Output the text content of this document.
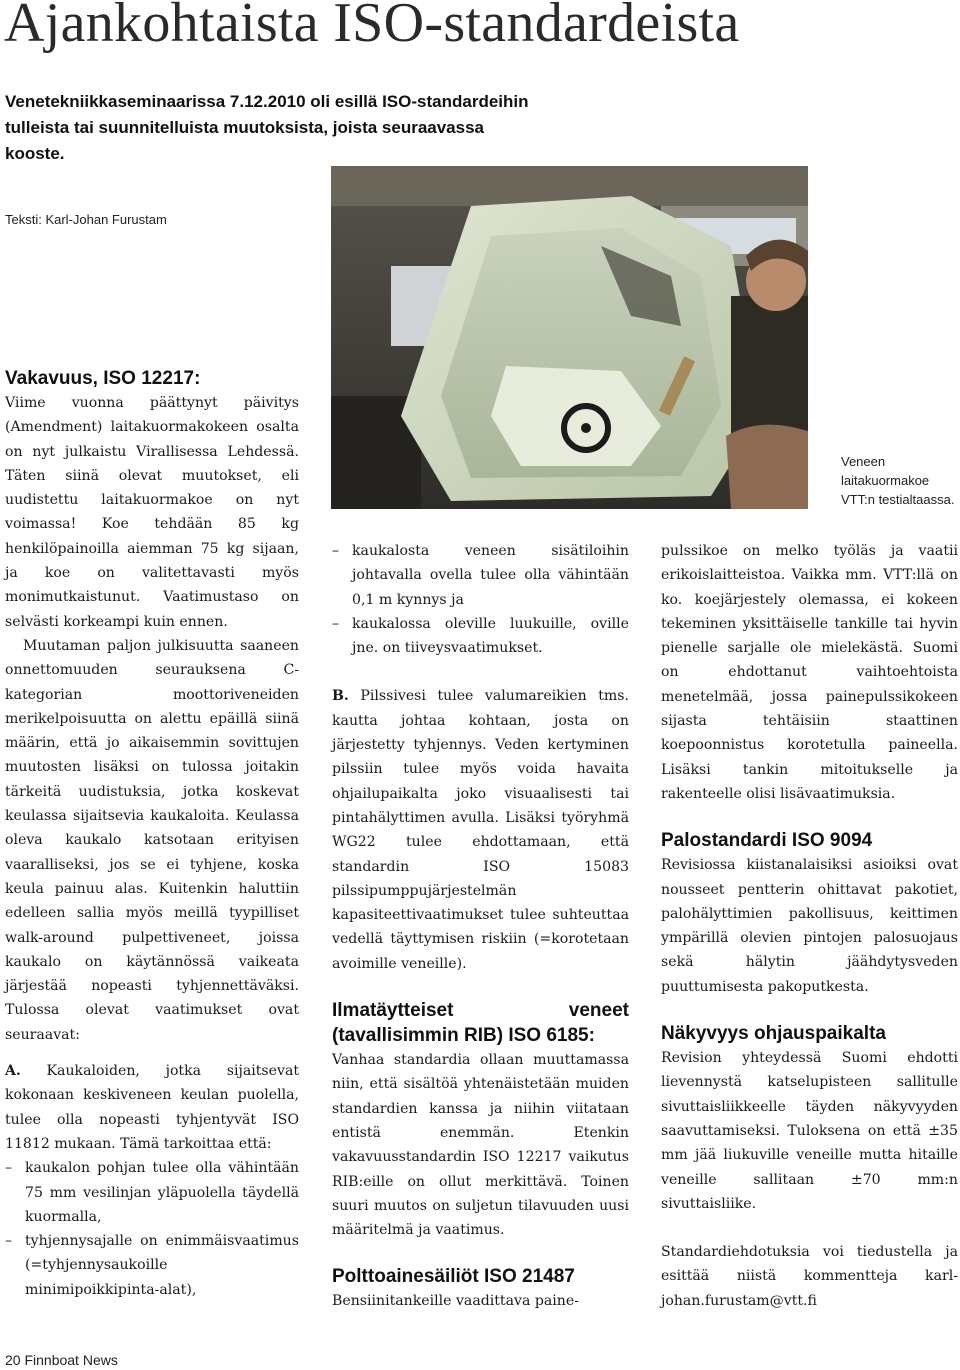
Ajankohtaista ISO-standardeista
Venetekniikkaseminaarissa 7.12.2010 oli esillä ISO-standardeihin tulleista tai suunnitelluista muutoksista, joista seuraavassa kooste.
Teksti: Karl-Johan Furustam
Veneen laitakuormakoe VTT:n testialtaassa.
Vakavuus, ISO 12217:

Viime vuonna päättynyt päivitys (Amendment) laitakuormakokeen osalta on nyt julkaistu Virallisessa Lehdessä. Täten siinä olevat muutokset, eli uudistettu laitakuormakoe on nyt voimassa! Koe tehdään 85 kg henkilöpainoilla aiemman 75 kg sijaan, ja koe on valitettavasti myös monimutkaistunut. Vaatimustaso on selvästi korkeampi kuin ennen.

Muutaman paljon julkisuutta saaneen onnettomuuden seurauksena C-kategorian moottoriveneiden merikelpoisuutta on alettu epäillä siinä määrin, että jo aikaisemmin sovittujen muutosten lisäksi on tulossa joitakin tärkeitä uudistuksia, jotka koskevat keulassa sijaitsevia kaukaloita. Keulassa oleva kaukalo katsotaan erityisen vaaralliseksi, jos se ei tyhjene, koska keula painuu alas. Kuitenkin haluttiin edelleen sallia myös meillä tyypilliset walk-around pulpettiveneet, joissa kaukalo on käytännössä vaikeata järjestää nopeasti tyhjennettäväksi. Tulossa olevat vaatimukset ovat seuraavat:

A. Kaukaloiden, jotka sijaitsevat kokonaan keskiveneen keulan puolella, tulee olla nopeasti tyhjentyvät ISO 11812 mukaan. Tämä tarkoittaa että:

– kaukalon pohjan tulee olla vähintään 75 mm vesilinjan yläpuolella täydellä kuormalla,
– tyhjennysajalle on enimmäisvaatimus (=tyhjennysaukoille minimipoikkipinta-alat),
– kaukalosta veneen sisätiloihin johtavalla ovella tulee olla vähintään 0,1 m kynnys ja
– kaukalossa oleville luukuille, oville jne. on tiiveysvaatimukset.

B. Pilssivesi tulee valumareikien tms. kautta johtaa kohtaan, josta on järjestetty tyhjennys. Veden kertyminen pilssiin tulee myös voida havaita ohjailupaikalta joko visuaalisesti tai pintahälyttimen avulla. Lisäksi työryhmä WG22 tulee ehdottamaan, että standardin ISO 15083 pilssipumppujärjestelmän kapasiteettivaatimukset tulee suhteuttaa vedellä täyttymisen riskiin (=korotetaan avoimille veneille).

Ilmatäytteiset veneet (tavallisimmin RIB) ISO 6185:

Vanhaa standardia ollaan muuttamassa niin, että sisältöä yhtenäistetään muiden standardien kanssa ja niihin viitataan entistä enemmän. Etenkin vakavuusstandardin ISO 12217 vaikutus RIB:eille on ollut merkittävä. Toinen suuri muutos on suljetun tilavuuden uusi määritelmä ja vaatimus.

Polttoainesäiliöt ISO 21487

Bensiinitankeille vaadittava paine-

pulssikoe on melko työläs ja vaatii erikoislaitteistoa. Vaikka mm. VTT:llä on ko. koejärjestely olemassa, ei kokeen tekeminen yksittäiselle tankille tai hyvin pienelle sarjalle ole mielekästä. Suomi on ehdottanut vaihtoehtoista menetelmää, jossa painepulssikokeen sijasta tehtäisiin staattinen koepoonnistus korotetulla paineella. Lisäksi tankin mitoitukselle ja rakenteelle olisi lisävaatimuksia.

Palostandardi ISO 9094

Revisiossa kiistanalaisiksi asioiksi ovat nousseet pentterin ohittavat pakotiet, palohälyttimien pakollisuus, keittimen ympärillä olevien pintojen palosuojaus sekä hälytin jäähdytysveden puuttumisesta pakoputkesta.

Näkyvyys ohjauspaikalta

Revision yhteydessä Suomi ehdotti lievennystä katselupisteen sallitulle sivuttaisliikkeelle täyden näkyvyyden saavuttamiseksi. Tuloksena on että ±35 mm jää liukuville veneille mutta hitaille veneille sallitaan ±70 mm:n sivuttaisliike.

Standardiehdotuksia voi tiedustella ja esittää niistä kommentteja karl-johan.furustam@vtt.fi

20 Finnboat News
